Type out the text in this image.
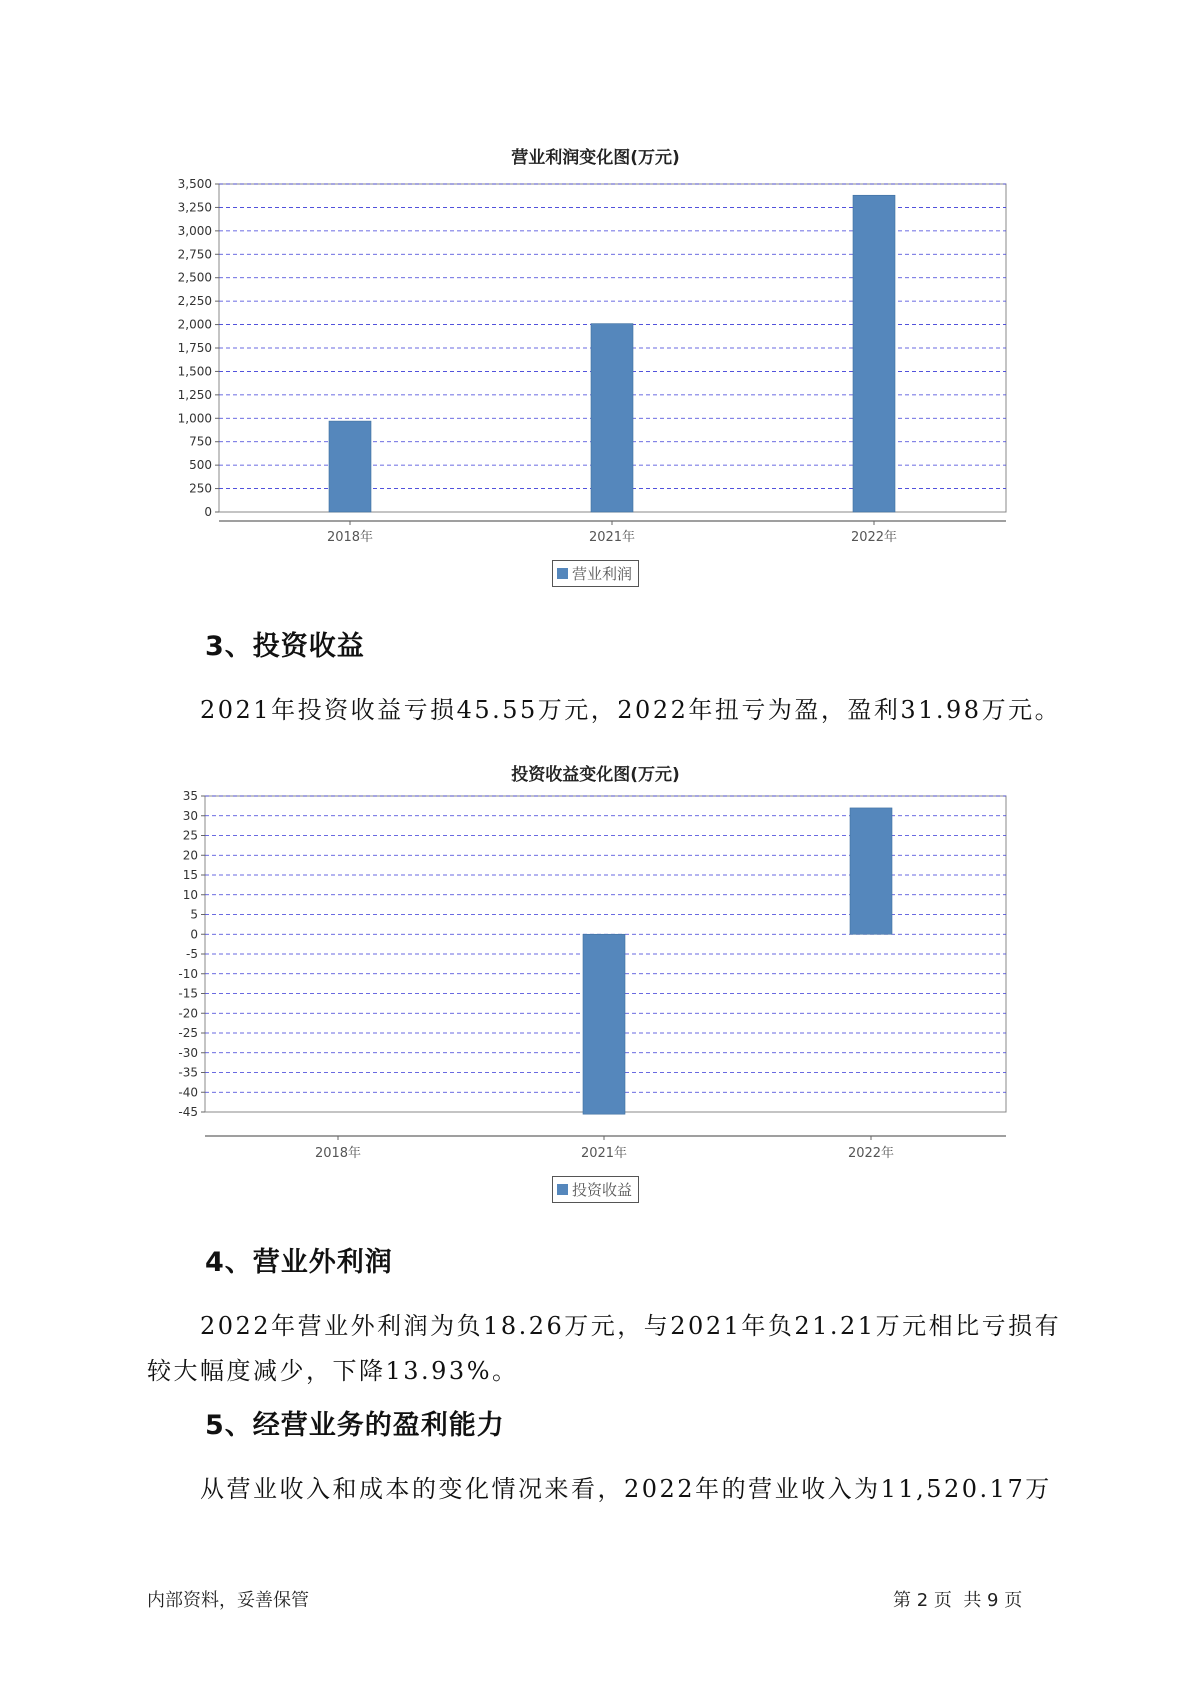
营业利润变化图(万元)
0
250
500
750
1,000
1,250
1,500
1,750
2,000
2,250
2,500
2,750
3,000
3,250
3,500
2018年	2021年	2022年
营业利润
3、投资收益
2021年投资收益亏损45.55万元，2022年扭亏为盈，盈利31.98万元。
投资收益变化图(万元)
-45
-40
-35
-30
-25
-20
-15
-10
-5
0
5
10
15
20
25
30
35
2018年	2021年	2022年
投资收益
4、营业外利润
2022年营业外利润为负18.26万元，与2021年负21.21万元相比亏损有
较大幅度减少，下降13.93%。
5、经营业务的盈利能力
从营业收入和成本的变化情况来看，2022年的营业收入为11,520.17万
内部资料，妥善保管	第 2 页  共 9 页
